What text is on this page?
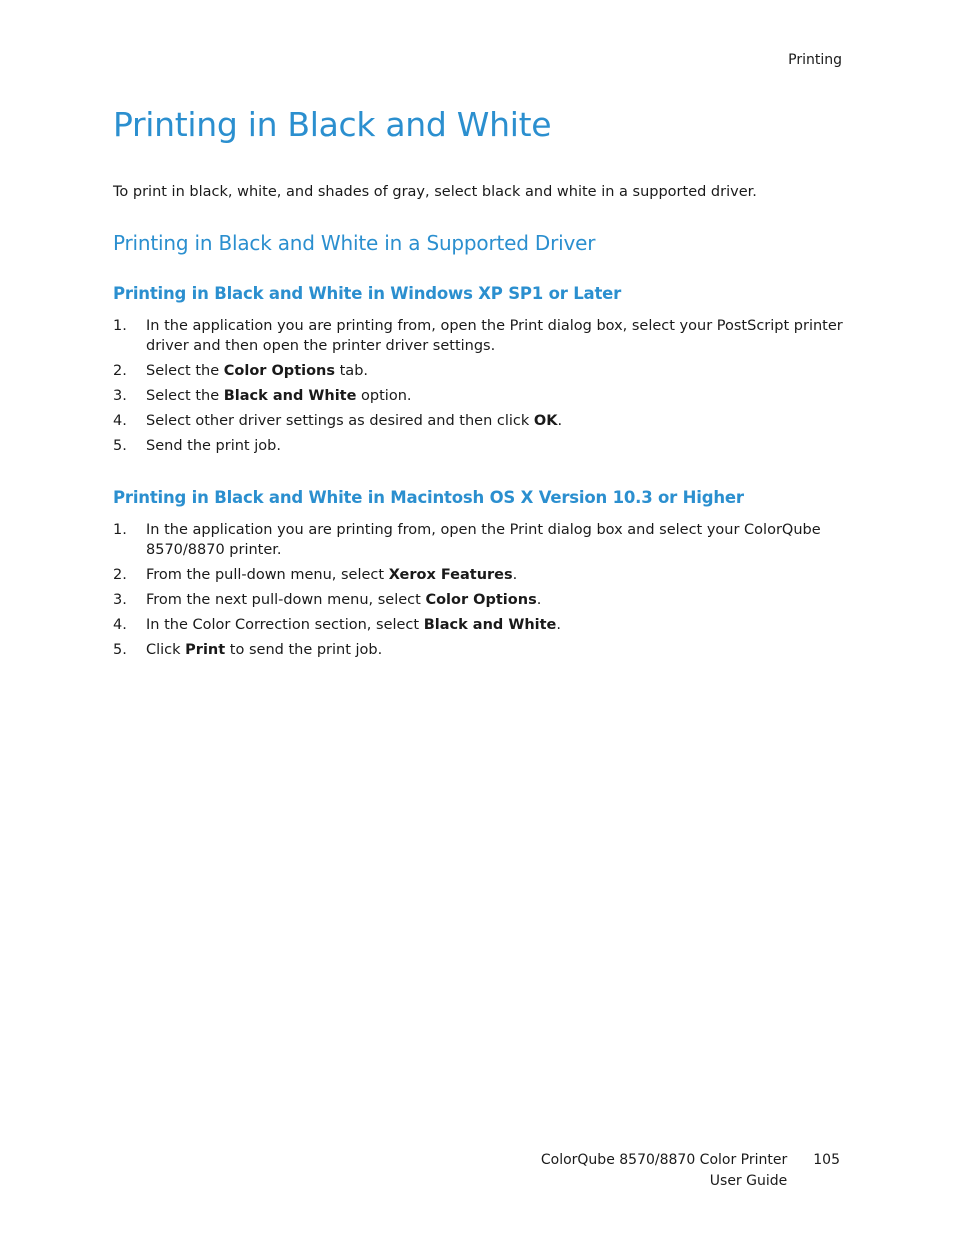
Printing
Printing in Black and White

To print in black, white, and shades of gray, select black and white in a supported driver.

Printing in Black and White in a Supported Driver
Printing in Black and White in Windows XP SP1 or Later
1. In the application you are printing from, open the Print dialog box, select your PostScript printer driver and then open the printer driver settings.
2. Select the Color Options tab.
3. Select the Black and White option.
4. Select other driver settings as desired and then click OK.
5. Send the print job.
Printing in Black and White in Macintosh OS X Version 10.3 or Higher
1. In the application you are printing from, open the Print dialog box and select your ColorQube 8570/8870 printer.
2. From the pull-down menu, select Xerox Features.
3. From the next pull-down menu, select Color Options.
4. In the Color Correction section, select Black and White.
5. Click Print to send the print job.
ColorQube 8570/8870 Color Printer
User Guide
105
